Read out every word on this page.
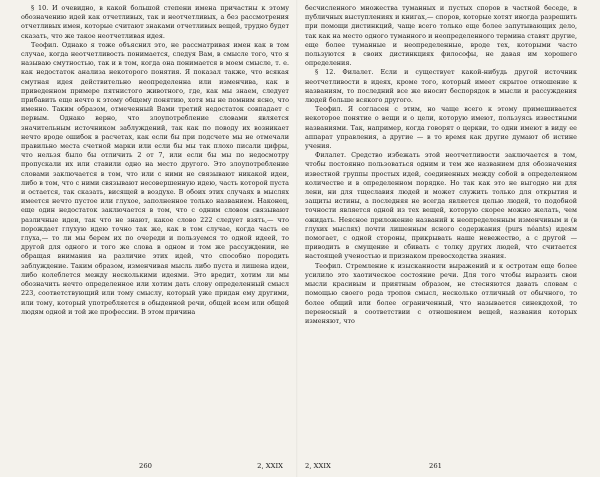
§ 10. И очевидно, в какой большой степени имена причастны к этому обозначению идей как отчетливых, так и неотчетливых, а без рассмотрения отчетливых имен, которые считают знаками отчетливых вещей, трудно будет сказать, что же такое неотчетливая идея.

Теофил. Однако я тоже объяснил это, не рассматривая имен как в том случае, когда неотчетливость понимается, следуя Вам, в смысле того, что я называю смутностью, так и в том, когда она понимается в моем смысле, т. е. как недостаток анализа некоторого понятия. Я показал также, что всякая смутная идея действительно неопределенна или изменчива, как в приведенном примере пятнистого животного, где, как мы знаем, следует прибавить еще нечто к этому общему понятию, хотя мы не помним ясно, что именно. Таким образом, отмеченный Вами третий недостаток совпадает с первым. Однако верно, что злоупотребление словами является значительным источником заблуждений, так как по поводу их возникает нечто вроде ошибок в расчетах, как если бы при подсчете мы не отмечали правильно места счетной марки или если бы мы так плохо писали цифры, что нельзя было бы отличить 2 от 7, или если бы мы по недосмотру пропускали их или ставили одно на место другого. Это злоупотребление словами заключается в том, что или с ними не связывают никакой идеи, либо в том, что с ними связывают несовершенную идею, часть которой пуста и остается, так сказать, висящей в воздухе. В обоих этих случаях в мыслях имеется нечто пустое или глухое, заполненное только названием. Наконец, еще один недостаток заключается в том, что с одним словом связывают различные идеи, так что не знают, какое слово 222 следует взять,— что порождает глухую идею точно так же, как в том случае, когда часть ее глуха,— то ли мы берем их по очереди и пользуемся то одной идеей, то другой для одного и того же слова в одном и том же рассуждении, не обращая внимания на различие этих идей, что способно породить заблуждение. Таким образом, изменчивая мысль либо пуста и лишена идеи, либо колеблется между несколькими идеями. Это вредит, хотим ли мы обозначить нечто определенное или хотим дать слову определенный смысл 223, соответствующий или тому смыслу, который уже придан ему другими, или тому, который употребляется в обыденной речи, общей всем или общей людям одной и той же профессии. В этом причина

260	2, XXIX

бесчисленного множества туманных и пустых споров в частной беседе, в публичных выступлениях и книгах,— споров, которые хотят иногда разрешить при помощи дистинкций, чаще всего только еще более запутывающих дело, так как на место одного туманного и неопределенного термина ставят другие, еще более туманные и неопределенные, вроде тех, которыми часто пользуются в своих дистинкциях философы, не давая им хорошего определения.

§ 12. Филалет. Если и существует какой-нибудь другой источник неотчетливости в идеях, кроме того, который имеет скрытое отношение к названиям, то последний все же вносит беспорядок в мысли и рассуждения людей больше всякого другого.

Теофил. Я согласен с этим, но чаще всего к этому примешивается некоторое понятие о вещи и о цели, которую имеют, пользуясь известными названиями. Так, например, когда говорят о церкви, то одни имеют в виду ее аппарат управления, а другие — в то время как другие думают об истине учения.

Филалет. Средство избежать этой неотчетливости заключается в том, чтобы постоянно пользоваться одним и тем же названием для обозначения известной группы простых идей, соединенных между собой в определенном количестве и в определенном порядке. Но так как это не выгодно ни для лени, ни для тщеславия людей и может служить только для открытия и защиты истины, а последняя не всегда является целью людей, то подобной точности является одной из тех вещей, которую скорее можно желать, чем ожидать. Неясное приложение названий к неопределенным изменчивым и (в глухих мыслях) почти лишенным ясного содержания (purs néants) идеям помогает, с одной стороны, прикрывать наше невежество, а с другой — приводить в смущение и сбивать с толку других людей, что считается настоящей ученостью и признаком превосходства знания.

Теофил. Стремление к изысканности выражений и к остротам еще более усилило это хаотическое состояние речи. Для того чтобы выразить свои мысли красивым и приятным образом, не стесняются давать словам с помощью своего рода тропов смысл, несколько отличный от обычного, то более общий или более ограниченный, что называется синекдохой, то переносный в соответствии с отношением вещей, названия которых изменяют, что

2, XXIX	261
